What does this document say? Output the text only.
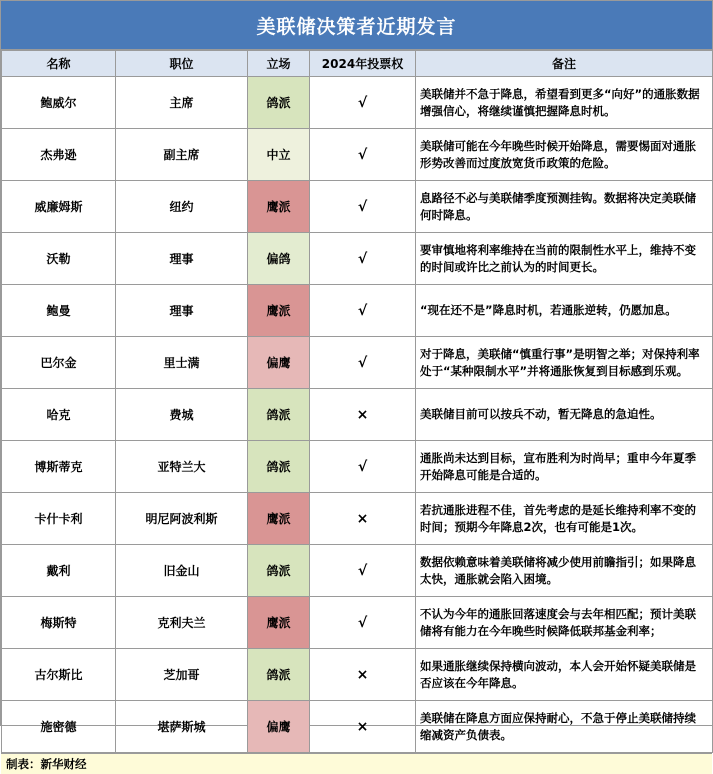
美联储决策者近期发言
名称	职位	立场	2024年投票权	备注
鲍威尔	主席	鸽派	√	美联储并不急于降息，希望看到更多“向好”的通胀数据增强信心，将继续谨慎把握降息时机。
杰弗逊	副主席	中立	√	美联储可能在今年晚些时候开始降息，需要惕面对通胀形势改善而过度放宽货币政策的危险。
威廉姆斯	纽约	鹰派	√	息路径不必与美联储季度预测挂钩。数据将决定美联储何时降息。
沃勒	理事	偏鸽	√	要审慎地将利率维持在当前的限制性水平上，维持不变的时间或许比之前认为的时间更长。
鲍曼	理事	鹰派	√	“现在还不是”降息时机，若通胀逆转，仍愿加息。
巴尔金	里士满	偏鹰	√	对于降息，美联储“慎重行事”是明智之举；对保持利率处于“某种限制水平”并将通胀恢复到目标感到乐观。
哈克	费城	鸽派	×	美联储目前可以按兵不动，暂无降息的急迫性。
博斯蒂克	亚特兰大	鸽派	√	通胀尚未达到目标，宣布胜利为时尚早；重申今年夏季开始降息可能是合适的。
卡什卡利	明尼阿波利斯	鹰派	×	若抗通胀进程不佳，首先考虑的是延长维持利率不变的时间；预期今年降息2次，也有可能是1次。
戴利	旧金山	鸽派	√	数据依赖意味着美联储将减少使用前瞻指引；如果降息太快，通胀就会陷入困境。
梅斯特	克利夫兰	鹰派	√	不认为今年的通胀回落速度会与去年相匹配；预计美联储将有能力在今年晚些时候降低联邦基金利率；
古尔斯比	芝加哥	鸽派	×	如果通胀继续保持横向波动，本人会开始怀疑美联储是否应该在今年降息。
施密德	堪萨斯城	偏鹰	×	美联储在降息方面应保持耐心，不急于停止美联储持续缩减资产负债表。
制表：新华财经
